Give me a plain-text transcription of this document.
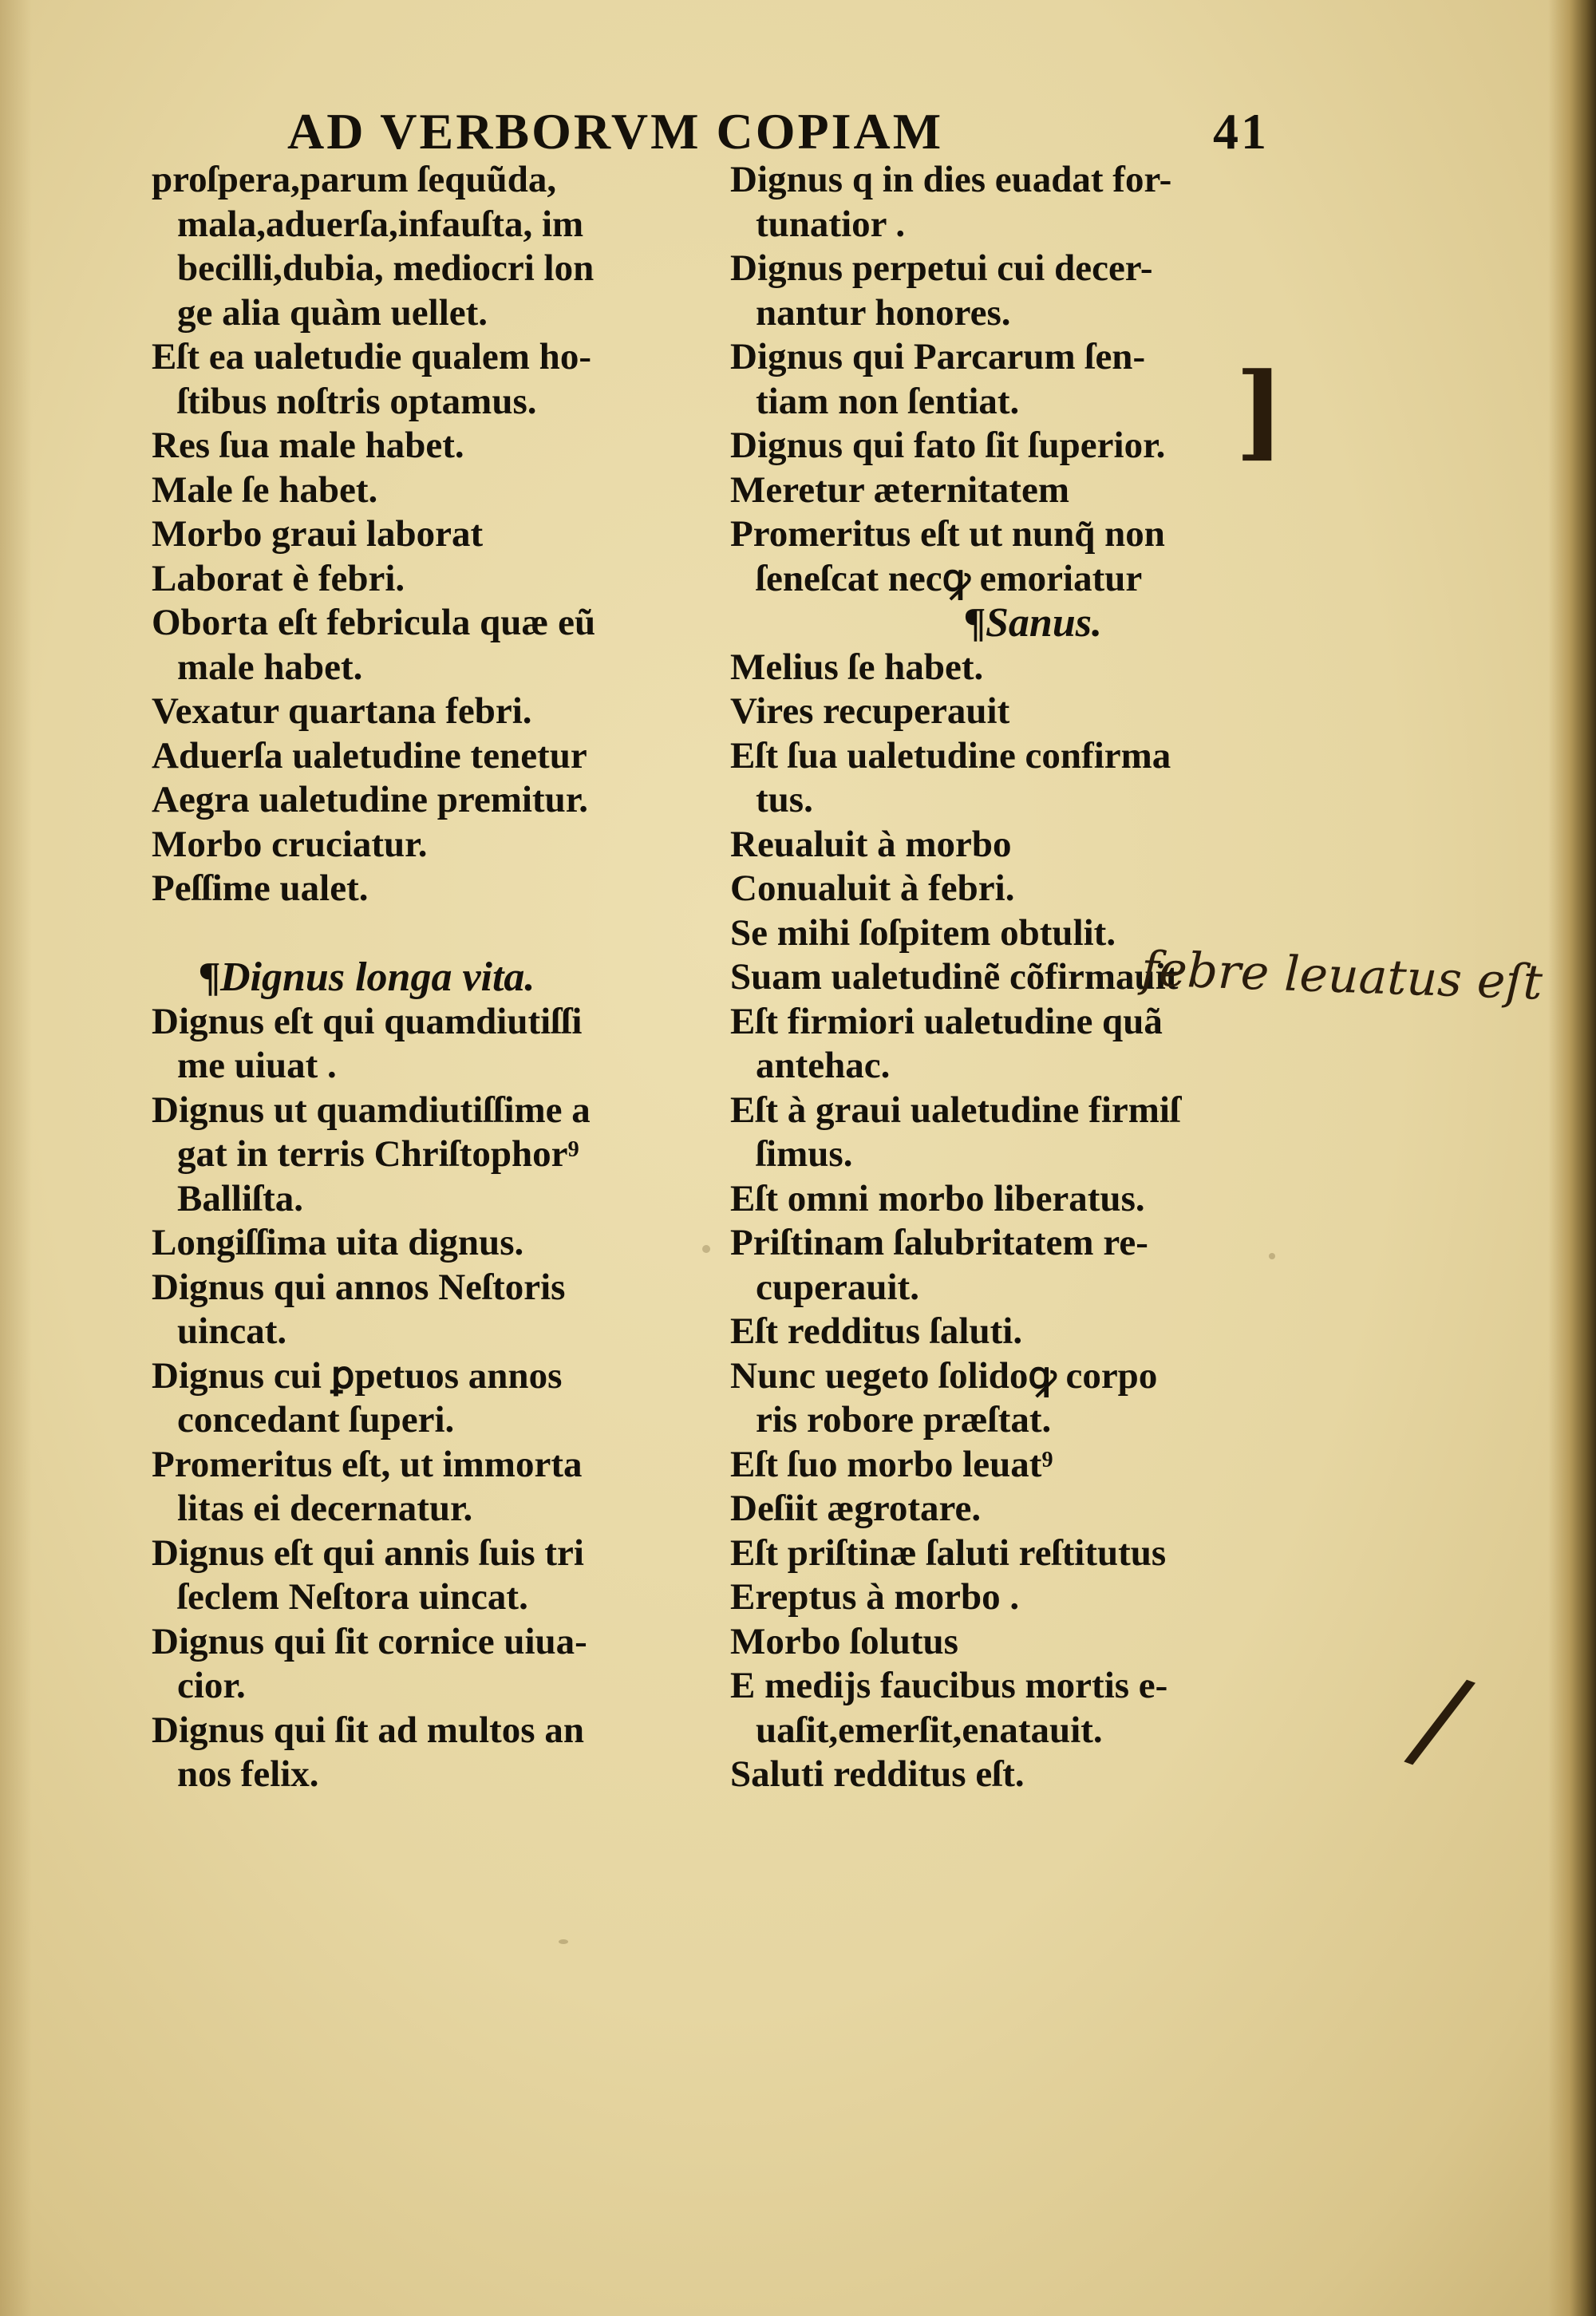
AD VERBORVM COPIAM	41
proſpera,parum ſequũda,
mala,aduerſa,infauſta, im
becilli,dubia, mediocri lon
ge alia quàm uellet.
Eſt ea ualetudie qualem ho-
ſtibus noſtris optamus.
Res ſua male habet.
Male ſe habet.
Morbo graui laborat
Laborat è febri.
Oborta eſt febricula quæ eũ
male habet.
Vexatur quartana febri.
Aduerſa ualetudine tenetur
Aegra ualetudine premitur.
Morbo cruciatur.
Peſſime ualet.
¶Dignus longa vita.
Dignus eſt qui quamdiutiſſi
me uiuat .
Dignus ut quamdiutiſſime a
gat in terris Chriſtophor⁹
Balliſta.
Longiſſima uita dignus.
Dignus qui annos Neſtoris
uincat.
Dignus cui ꝑpetuos annos
concedant ſuperi.
Promeritus eſt, ut immorta
litas ei decernatur.
Dignus eſt qui annis ſuis tri
ſeclem Neſtora uincat.
Dignus qui ſit cornice uiua-
cior.
Dignus qui ſit ad multos an
nos felix.
Dignus q in dies euadat for-
tunatior .
Dignus perpetui cui decer-
nantur honores.
Dignus qui Parcarum ſen-
tiam non ſentiat.
Dignus qui fato ſit ſuperior.
Meretur æternitatem
Promeritus eſt ut nunq̃ non
ſeneſcat necꝙ emoriatur
¶Sanus.
Melius ſe habet.
Vires recuperauit
Eſt ſua ualetudine confirma
tus.
Reualuit à morbo
Conualuit à febri.
Se mihi ſoſpitem obtulit.
Suam ualetudinẽ cõfirmauit
Eſt firmiori ualetudine quã
antehac.
Eſt à graui ualetudine firmiſ
ſimus.
Eſt omni morbo liberatus.
Priſtinam ſalubritatem re-
cuperauit.
Eſt redditus ſaluti.
Nunc uegeto ſolidoꝙ corpo
ris robore præſtat.
Eſt ſuo morbo leuat⁹
Deſiit ægrotare.
Eſt priſtinæ ſaluti reſtitutus
Ereptus à morbo .
Morbo ſolutus
E medijs faucibus mortis e-
uaſit,emerſit,enatauit.
Saluti redditus eſt.
febre leuatus eſt
]
/
